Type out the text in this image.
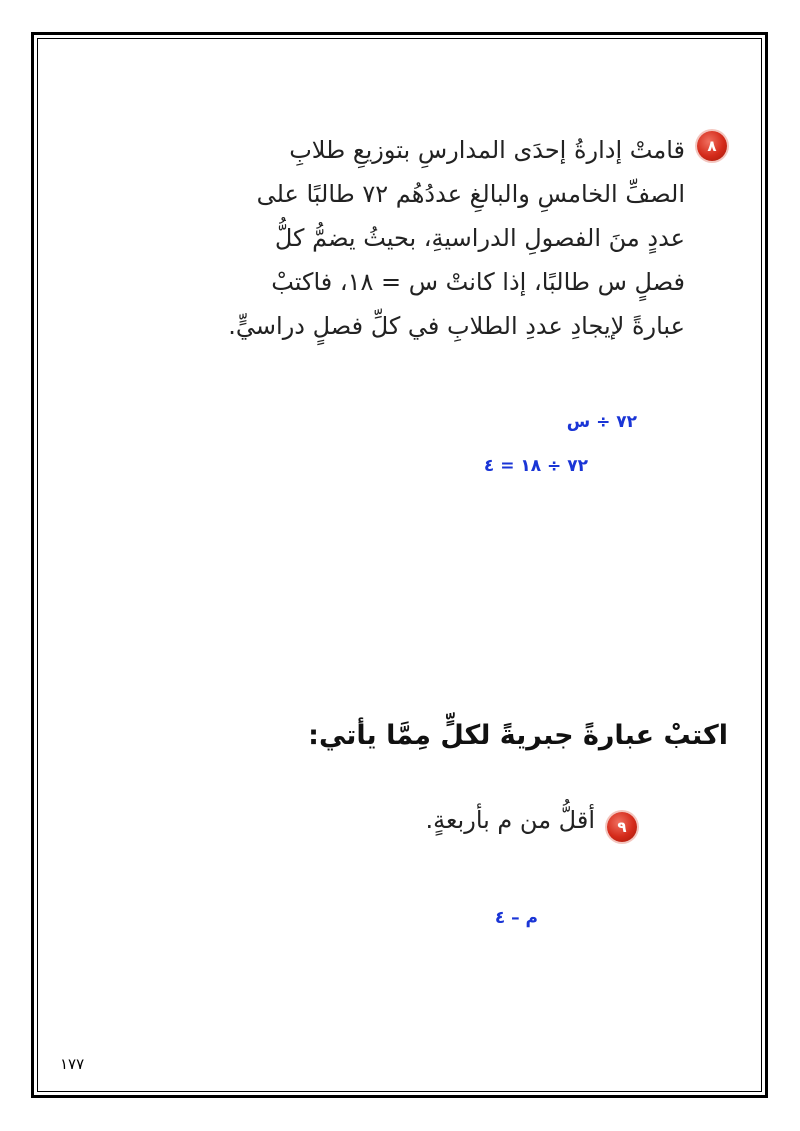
٨
قامتْ إدارةُ إحدَى المدارسِ بتوزيعِ طلابِ
الصفِّ الخامسِ والبالغِ عددُهُم ٧٢ طالبًا على
عددٍ منَ الفصولِ الدراسيةِ، بحيثُ يضمُّ كلُّ
فصلٍ س طالبًا، إذا كانتْ س = ١٨، فاكتبْ
عبارةً لإيجادِ عددِ الطلابِ في كلِّ فصلٍ دراسيٍّ.
٧٢ ÷ س
٧٢ ÷ ١٨ = ٤
اكتبْ عبارةً جبريةً لكلٍّ مِمَّا يأتي:
٩
أقلُّ من م بأربعةٍ.
م – ٤
١٧٧
